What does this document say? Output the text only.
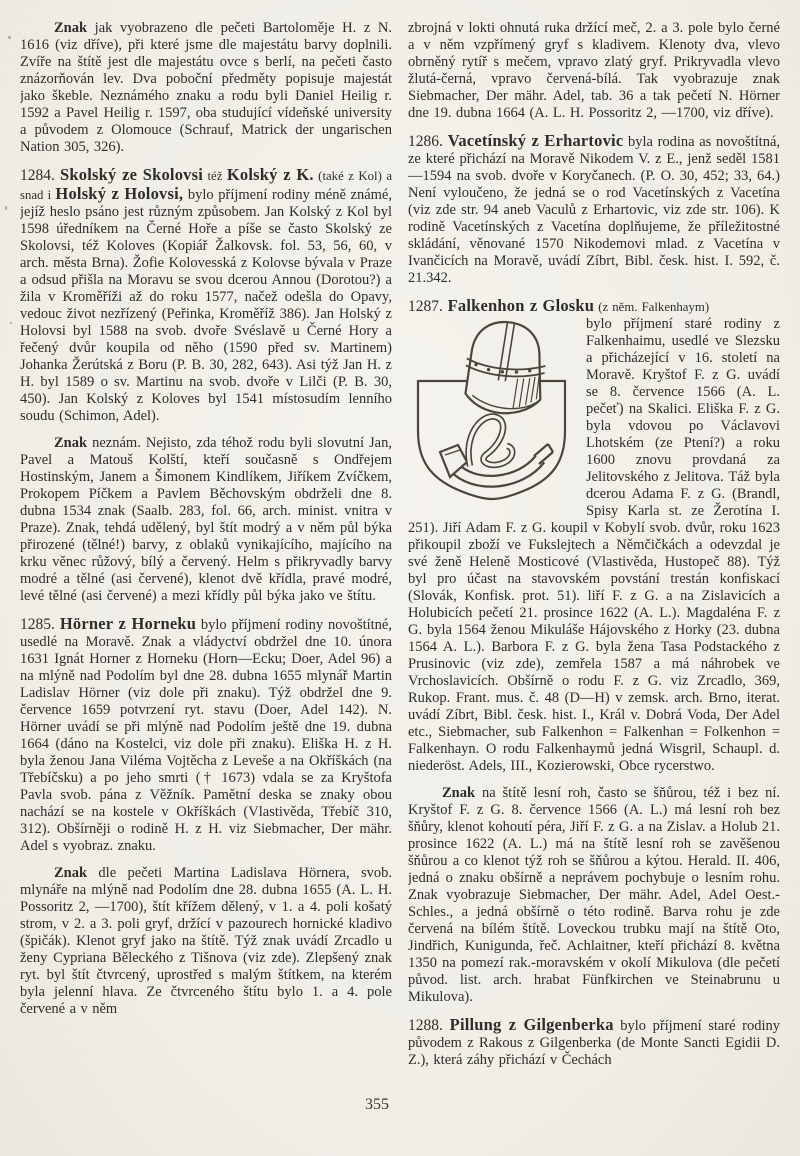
Znak jak vyobrazeno dle pečeti Bartoloměje H. z N. 1616 (viz dříve), při které jsme dle majestátu barvy doplnili. Zvíře na štítě jest dle majestátu ovce s berlí, na pečeti často znázorňován lev. Dva poboční předměty popisuje majestát jako škeble. Neznámého znaku a rodu byli Daniel Heilig r. 1592 a Pavel Heilig r. 1597, oba studující vídeňské university a původem z Olomouce (Schrauf, Matrick der ungarischen Nation 305, 326).

1284. Skolský ze Skolovsi též Kolský z K. (také z Kol) a snad i Holský z Holovsi, bylo příjmení rodiny méně známé, jejíž heslo psáno jest různým způsobem. Jan Kolský z Kol byl 1598 úředníkem na Černé Hoře a píše se často Skolský ze Skolovsi, též Koloves (Kopiář Žalkovsk. fol. 53, 56, 60, v arch. města Brna). Žofie Kolovesská z Kolovse bývala v Praze a odsud přišla na Moravu se svou dcerou Annou (Dorotou?) a žila v Kroměříži až do roku 1577, načež odešla do Opavy, vedouc život nezřízený (Peřinka, Kroměříž 386). Jan Holský z Holovsi byl 1588 na svob. dvoře Svéslavě u Černé Hory a řečený dvůr koupila od něho (1590 před sv. Martinem) Johanka Žerútská z Boru (P. B. 30, 282, 643). Asi týž Jan H. z H. byl 1589 o sv. Martinu na svob. dvoře v Lilči (P. B. 30, 450). Jan Kolský z Koloves byl 1541 místosudím lenního soudu (Schimon, Adel).

Znak neznám. Nejisto, zda téhož rodu byli slovutní Jan, Pavel a Matouš Kolští, kteří současně s Ondřejem Hostinským, Janem a Šimonem Kindlíkem, Jiříkem Zvíčkem, Prokopem Píčkem a Pavlem Běchovským obdrželi dne 8. dubna 1534 znak (Saalb. 283, fol. 66, arch. minist. vnitra v Praze). Znak, tehdá udělený, byl štít modrý a v něm půl býka přirozené (tělné!) barvy, z oblaků vynikajícího, majícího na krku věnec růžový, bílý a červený. Helm s přikryvadly barvy modré a tělné (asi červené), klenot dvě křídla, pravé modré, levé tělné (asi červené) a mezi křídly půl býka jako ve štítu.

1285. Hörner z Horneku bylo příjmení rodiny novoštítné, usedlé na Moravě. Znak a vládyctví obdržel dne 10. února 1631 Ignát Horner z Horneku (Horn—Ecku; Doer, Adel 96) a na mlýně nad Podolím byl dne 28. dubna 1655 mlynář Martin Ladislav Hörner (viz dole při znaku). Týž obdržel dne 9. července 1659 potvrzení ryt. stavu (Doer, Adel 142). N. Hörner uvádí se při mlýně nad Podolím ještě dne 19. dubna 1664 (dáno na Kostelci, viz dole při znaku). Eliška H. z H. byla ženou Jana Viléma Vojtěcha z Leveše a na Okříškách (na Třebíčsku) a po jeho smrti († 1673) vdala se za Kryštofa Pavla svob. pána z Věžník. Pamětní deska se znaky obou nachází se na kostele v Okříškách (Vlastivěda, Třebíč 310, 312). Obšírněji o rodině H. z H. viz Siebmacher, Der mähr. Adel s vyobraz. znaku.

Znak dle pečeti Martina Ladislava Hörnera, svob. mlynáře na mlýně nad Podolím dne 28. dubna 1655 (A. L. H. Possoritz 2, —1700), štít křížem dělený, v 1. a 4. poli košatý strom, v 2. a 3. poli gryf, držící v pazourech hornické kladivo (špičák). Klenot gryf jako na štítě. Týž znak uvádí Zrcadlo u ženy Cypriana Běleckého z Tišnova (viz zde). Zlepšený znak ryt. byl štít čtvrcený, uprostřed s malým štítkem, na kterém byla jelenní hlava. Ze čtvrceného štítu bylo 1. a 4. pole červené a v něm

zbrojná v lokti ohnutá ruka držící meč, 2. a 3. pole bylo černé a v něm vzpřímený gryf s kladivem. Klenoty dva, vlevo obrněný rytíř s mečem, vpravo zlatý gryf. Prikryvadla vlevo žlutá-černá, vpravo červená-bílá. Tak vyobrazuje znak Siebmacher, Der mähr. Adel, tab. 36 a tak pečetí N. Hörner dne 19. dubna 1664 (A. L. H. Possoritz 2, —1700, viz dříve).

1286. Vacetínský z Erhartovic byla rodina as novoštítná, ze které přichází na Moravě Nikodem V. z E., jenž seděl 1581—1594 na svob. dvoře v Koryčanech. (P. O. 30, 452; 33, 64.) Není vyloučeno, že jedná se o rod Vacetínských z Vacetína (viz zde str. 94 aneb Vaculů z Erhartovic, viz zde str. 106). K rodině Vacetínských z Vacetína doplňujeme, že příležitostné skládání, věnované 1570 Nikodemovi mlad. z Vacetína v Ivančicích na Moravě, uvádí Zíbrt, Bibl. česk. hist. I. 592, č. 21.342.

1287. Falkenhon z Glosku (z něm. Falkenhaym)

bylo příjmení staré rodiny z Falkenhaimu, usedlé ve Slezsku a přicházející v 16. století na Moravě. Kryštof F. z G. uvádí se 8. července 1566 (A. L. pečeť) na Skalici. Eliška F. z G. byla vdovou po Václavovi Lhotském (ze Ptení?) a roku 1600 znovu provdaná za Jelitovského z Jelitova. Táž byla dcerou Adama F. z G. (Brandl, Spisy Karla st. ze Žerotína I. 251). Jiří Adam F. z G. koupil v Kobylí svob. dvůr, roku 1623 přikoupil zboží ve Fukslejtech a Němčičkách a odevzdal je své ženě Heleně Mosticové (Vlastivěda, Hustopeč 88). Týž byl pro účast na stavovském povstání trestán konfiskací (Slovák, Konfisk. prot. 51). liří F. z G. a na Zislavicích a Holubicích pečetí 21. prosince 1622 (A. L.). Magdaléna F. z G. byla 1564 ženou Mikuláše Hájovského z Horky (23. dubna 1564 A. L.). Barbora F. z G. byla žena Tasa Podstackého z Prusinovic (viz zde), zemřela 1587 a má náhrobek ve Vrchoslavicích. Obšírně o rodu F. z G. viz Zrcadlo, 369, Rukop. Frant. mus. č. 48 (D—H) v zemsk. arch. Brno, iterat. uvádí Zíbrt, Bibl. česk. hist. I., Král v. Dobrá Voda, Der Adel etc., Siebmacher, sub Falkenhon = Falkenhan = Folkenhon = Falkenhayn. O rodu Falkenhaymů jedná Wisgril, Schaupl. d. niederöst. Adels, III., Kozierowski, Obce rycerstwo.

Znak na štítě lesní roh, často se šňůrou, též i bez ní. Kryštof F. z G. 8. července 1566 (A. L.) má lesní roh bez šňůry, klenot kohoutí péra, Jiří F. z G. a na Zislav. a Holub 21. prosince 1622 (A. L.) má na štítě lesní roh se zavěšenou šňůrou a co klenot týž roh se šňůrou a kýtou. Herald. II. 406, jedná o znaku obšírně a neprávem pochybuje o lesním rohu. Znak vyobrazuje Siebmacher, Der mähr. Adel, Adel Oest.-Schles., a jedná obšírně o této rodině. Barva rohu je zde červená na bílém štítě. Loveckou trubku mají na štítě Oto, Jindřich, Kunigunda, řeč. Achlaitner, kteří přichází 8. května 1350 na pomezí rak.-moravském v okolí Mikulova (dle pečetí původ. list. arch. hrabat Fünfkirchen ve Steinabrunu u Mikulova).

1288. Pillung z Gilgenberka bylo příjmení staré rodiny původem z Rakous z Gilgenberka (de Monte Sancti Egidii D. Z.), která záhy přichází v Čechách

355
